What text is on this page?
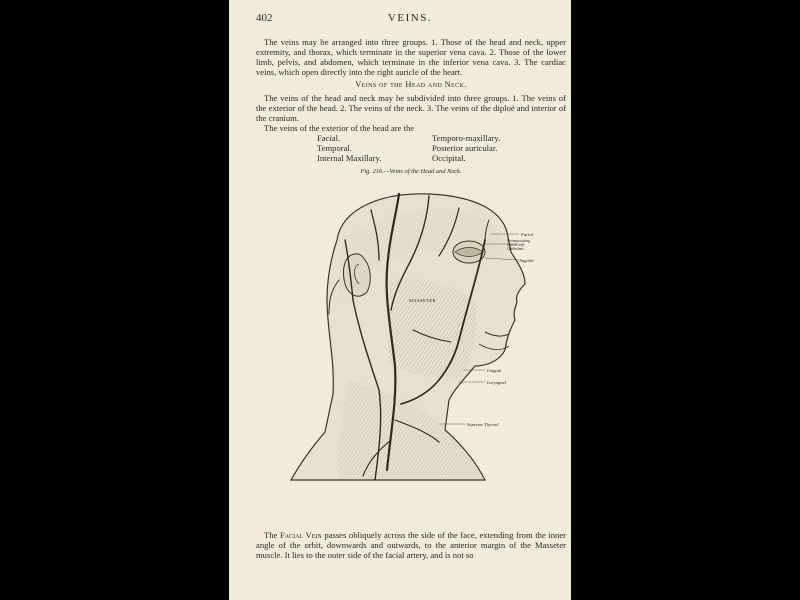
402	VEINS.

The veins may be arranged into three groups. 1. Those of the head and neck, upper extremity, and thorax, which terminate in the superior vena cava. 2. Those of the lower limb, pelvis, and abdomen, which terminate in the inferior vena cava. 3. The cardiac veins, which open directly into the right auricle of the heart.

Veins of the Head and Neck.

The veins of the head and neck may be subdivided into three groups. 1. The veins of the exterior of the head. 2. The veins of the neck. 3. The veins of the diploë and interior of the cranium.

The veins of the exterior of the head are the

Facial.
Temporal.
Internal Maxillary.
Temporo-maxillary.
Posterior auricular.
Occipital.
Fig. 216.—Veins of the Head and Neck.
Facial
Communicating
branch with
Ophthalmic
Angular
MASSETER
Lingual
Laryngeal
Superior Thyroid

The Facial Vein passes obliquely across the side of the face, extending from the inner angle of the orbit, downwards and outwards, to the anterior margin of the Masseter muscle. It lies to the outer side of the facial artery, and is not so
